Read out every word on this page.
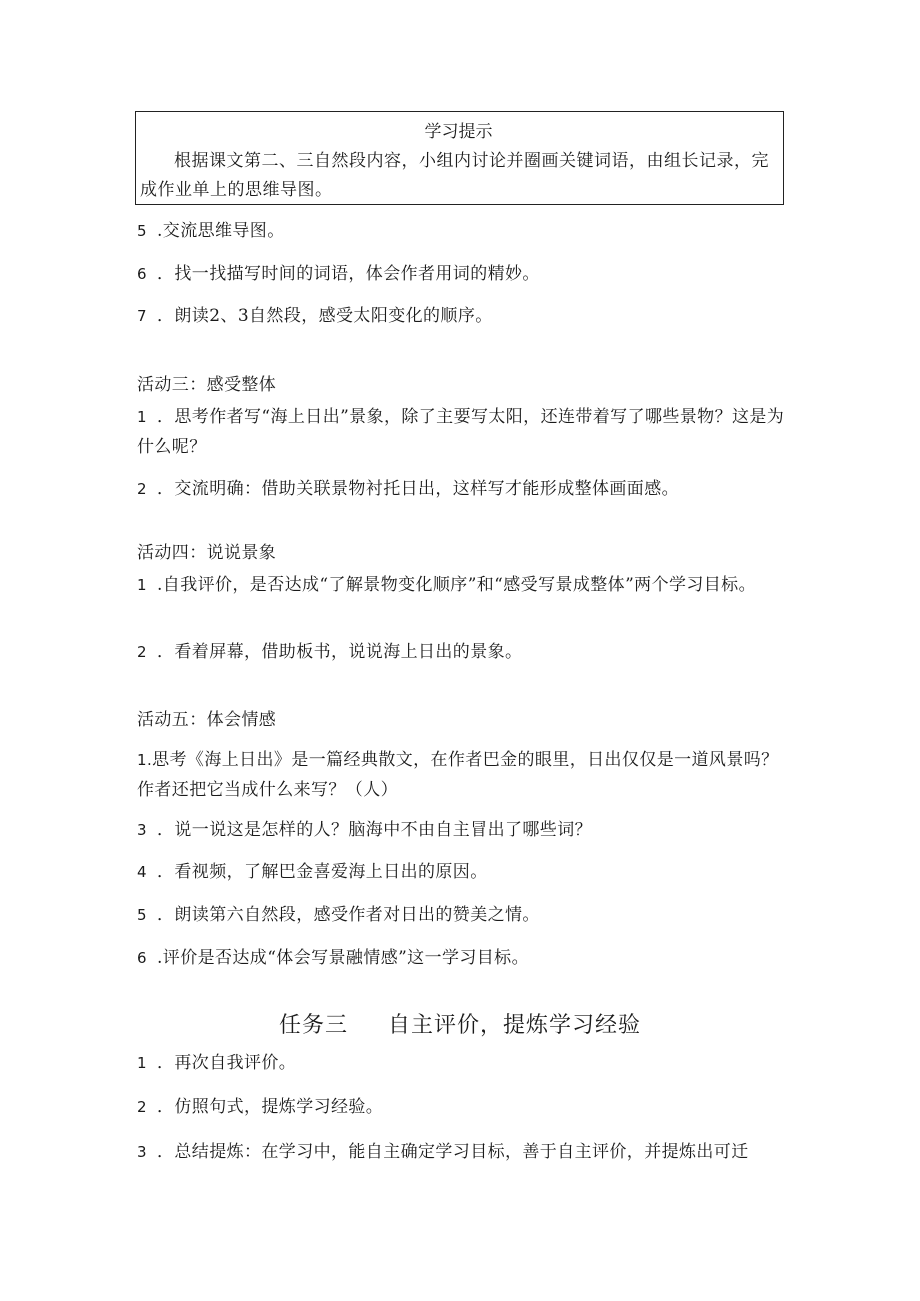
学习提示
根据课文第二、三自然段内容，小组内讨论并圈画关键词语，由组长记录，完成作业单上的思维导图。
5 .交流思维导图。
6 ．找一找描写时间的词语，体会作者用词的精妙。
7 ．朗读2、3自然段，感受太阳变化的顺序。
活动三：感受整体
1 ．思考作者写“海上日出”景象，除了主要写太阳，还连带着写了哪些景物？这是为什么呢？
2 ．交流明确：借助关联景物衬托日出，这样写才能形成整体画面感。
活动四：说说景象
1 .自我评价，是否达成“了解景物变化顺序”和“感受写景成整体”两个学习目标。
2 ．看着屏幕，借助板书，说说海上日出的景象。
活动五：体会情感
1.思考《海上日出》是一篇经典散文，在作者巴金的眼里，日出仅仅是一道风景吗？作者还把它当成什么来写？（人）
3 ．说一说这是怎样的人？脑海中不由自主冒出了哪些词？
4 ．看视频，了解巴金喜爱海上日出的原因。
5 ．朗读第六自然段，感受作者对日出的赞美之情。
6 .评价是否达成“体会写景融情感”这一学习目标。
任务三 自主评价，提炼学习经验
1 ．再次自我评价。
2 ．仿照句式，提炼学习经验。
3 ．总结提炼：在学习中，能自主确定学习目标，善于自主评价，并提炼出可迁
